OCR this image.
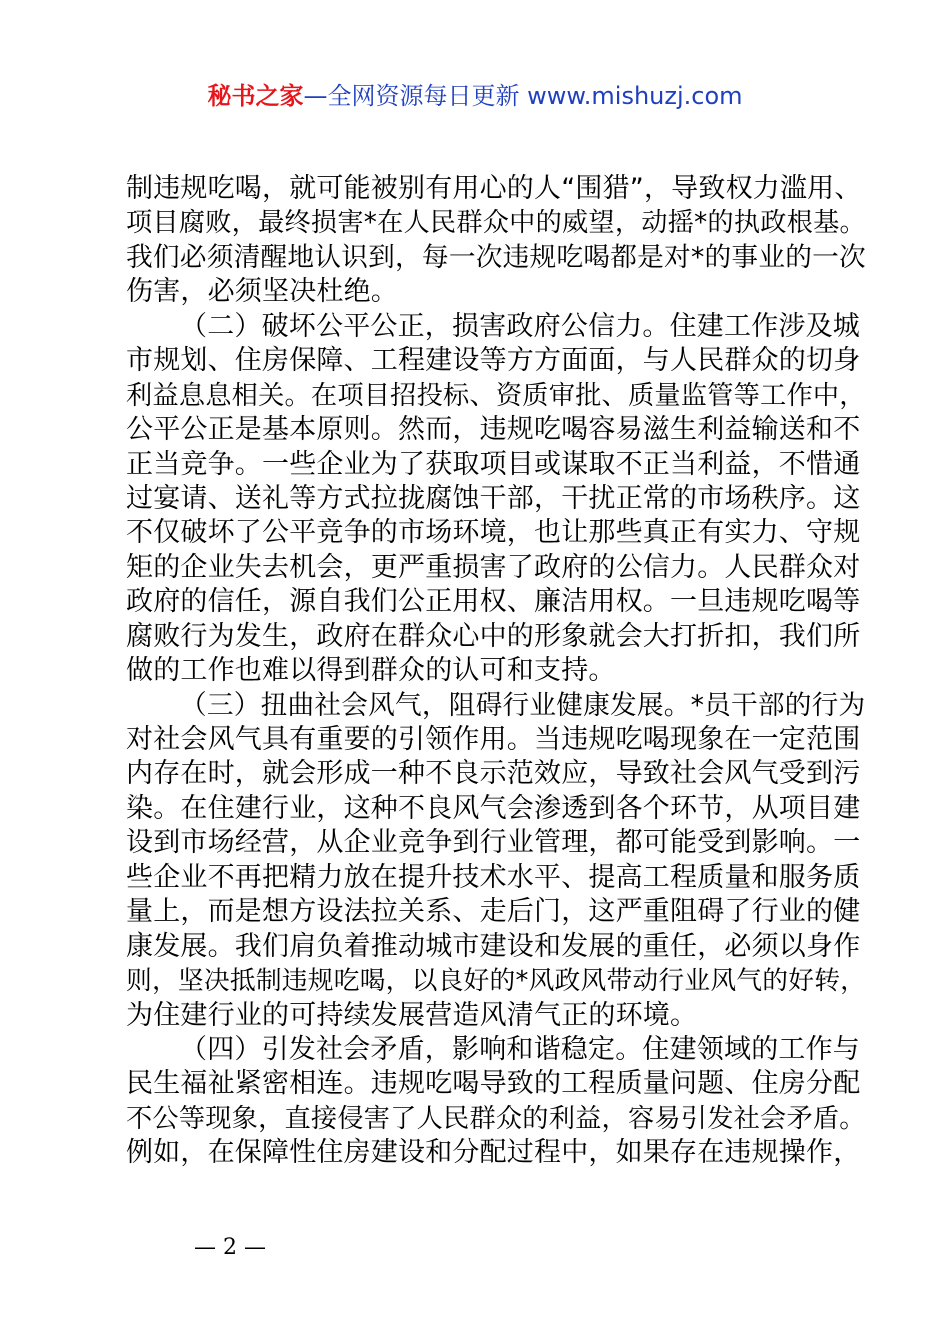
秘书之家—全网资源每日更新 www.mishuzj.com
制违规吃喝，就可能被别有用心的人“围猎”，导致权力滥用、
项目腐败，最终损害*在人民群众中的威望，动摇*的执政根基。
我们必须清醒地认识到，每一次违规吃喝都是对*的事业的一次
伤害，必须坚决杜绝。
（二）破坏公平公正，损害政府公信力。住建工作涉及城
市规划、住房保障、工程建设等方方面面，与人民群众的切身
利益息息相关。在项目招投标、资质审批、质量监管等工作中，
公平公正是基本原则。然而，违规吃喝容易滋生利益输送和不
正当竞争。一些企业为了获取项目或谋取不正当利益，不惜通
过宴请、送礼等方式拉拢腐蚀干部，干扰正常的市场秩序。这
不仅破坏了公平竞争的市场环境，也让那些真正有实力、守规
矩的企业失去机会，更严重损害了政府的公信力。人民群众对
政府的信任，源自我们公正用权、廉洁用权。一旦违规吃喝等
腐败行为发生，政府在群众心中的形象就会大打折扣，我们所
做的工作也难以得到群众的认可和支持。
（三）扭曲社会风气，阻碍行业健康发展。*员干部的行为
对社会风气具有重要的引领作用。当违规吃喝现象在一定范围
内存在时，就会形成一种不良示范效应，导致社会风气受到污
染。在住建行业，这种不良风气会渗透到各个环节，从项目建
设到市场经营，从企业竞争到行业管理，都可能受到影响。一
些企业不再把精力放在提升技术水平、提高工程质量和服务质
量上，而是想方设法拉关系、走后门，这严重阻碍了行业的健
康发展。我们肩负着推动城市建设和发展的重任，必须以身作
则，坚决抵制违规吃喝，以良好的*风政风带动行业风气的好转，
为住建行业的可持续发展营造风清气正的环境。
（四）引发社会矛盾，影响和谐稳定。住建领域的工作与
民生福祉紧密相连。违规吃喝导致的工程质量问题、住房分配
不公等现象，直接侵害了人民群众的利益，容易引发社会矛盾。
例如，在保障性住房建设和分配过程中，如果存在违规操作，
— 2 —
